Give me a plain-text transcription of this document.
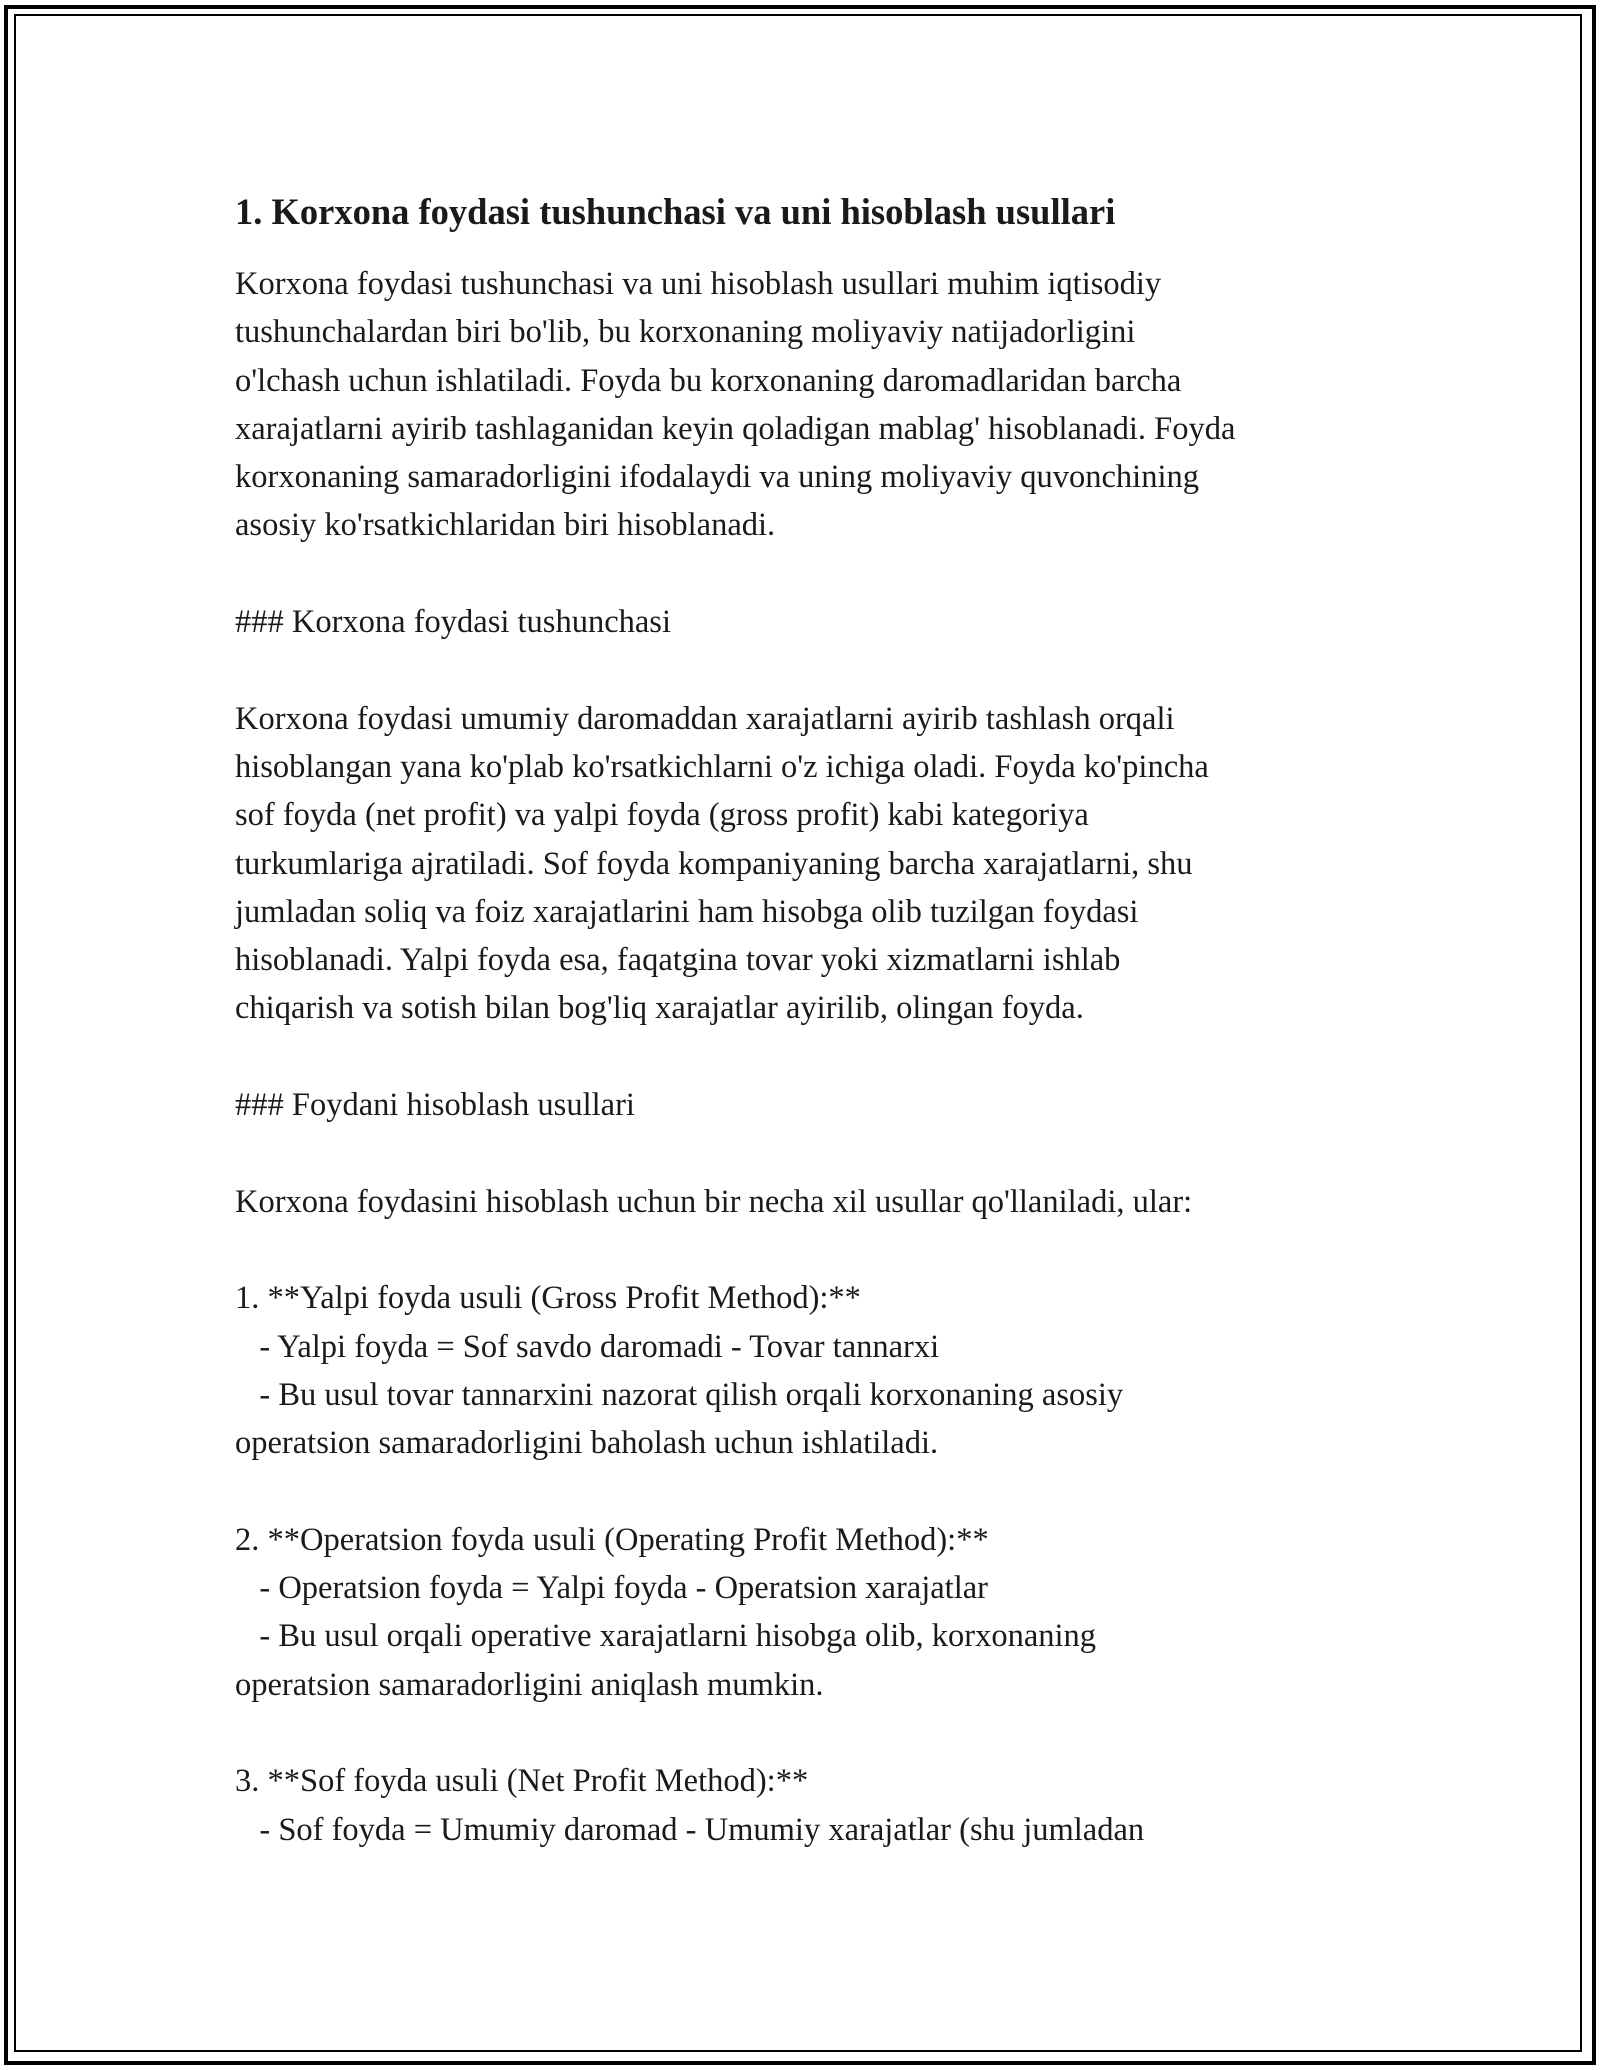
1. Korxona foydasi tushunchasi va uni hisoblash usullari
Korxona foydasi tushunchasi va uni hisoblash usullari muhim iqtisodiy
tushunchalardan biri bo'lib, bu korxonaning moliyaviy natijadorligini
o'lchash uchun ishlatiladi. Foyda bu korxonaning daromadlaridan barcha
xarajatlarni ayirib tashlaganidan keyin qoladigan mablag' hisoblanadi. Foyda
korxonaning samaradorligini ifodalaydi va uning moliyaviy quvonchining
asosiy ko'rsatkichlaridan biri hisoblanadi.
### Korxona foydasi tushunchasi
Korxona foydasi umumiy daromaddan xarajatlarni ayirib tashlash orqali
hisoblangan yana ko'plab ko'rsatkichlarni o'z ichiga oladi. Foyda ko'pincha
sof foyda (net profit) va yalpi foyda (gross profit) kabi kategoriya
turkumlariga ajratiladi. Sof foyda kompaniyaning barcha xarajatlarni, shu
jumladan soliq va foiz xarajatlarini ham hisobga olib tuzilgan foydasi
hisoblanadi. Yalpi foyda esa, faqatgina tovar yoki xizmatlarni ishlab
chiqarish va sotish bilan bog'liq xarajatlar ayirilib, olingan foyda.
### Foydani hisoblash usullari
Korxona foydasini hisoblash uchun bir necha xil usullar qo'llaniladi, ular:
1. **Yalpi foyda usuli (Gross Profit Method):**
- Yalpi foyda = Sof savdo daromadi - Tovar tannarxi
- Bu usul tovar tannarxini nazorat qilish orqali korxonaning asosiy
operatsion samaradorligini baholash uchun ishlatiladi.
2. **Operatsion foyda usuli (Operating Profit Method):**
- Operatsion foyda = Yalpi foyda - Operatsion xarajatlar
- Bu usul orqali operative xarajatlarni hisobga olib, korxonaning
operatsion samaradorligini aniqlash mumkin.
3. **Sof foyda usuli (Net Profit Method):**
- Sof foyda = Umumiy daromad - Umumiy xarajatlar (shu jumladan
